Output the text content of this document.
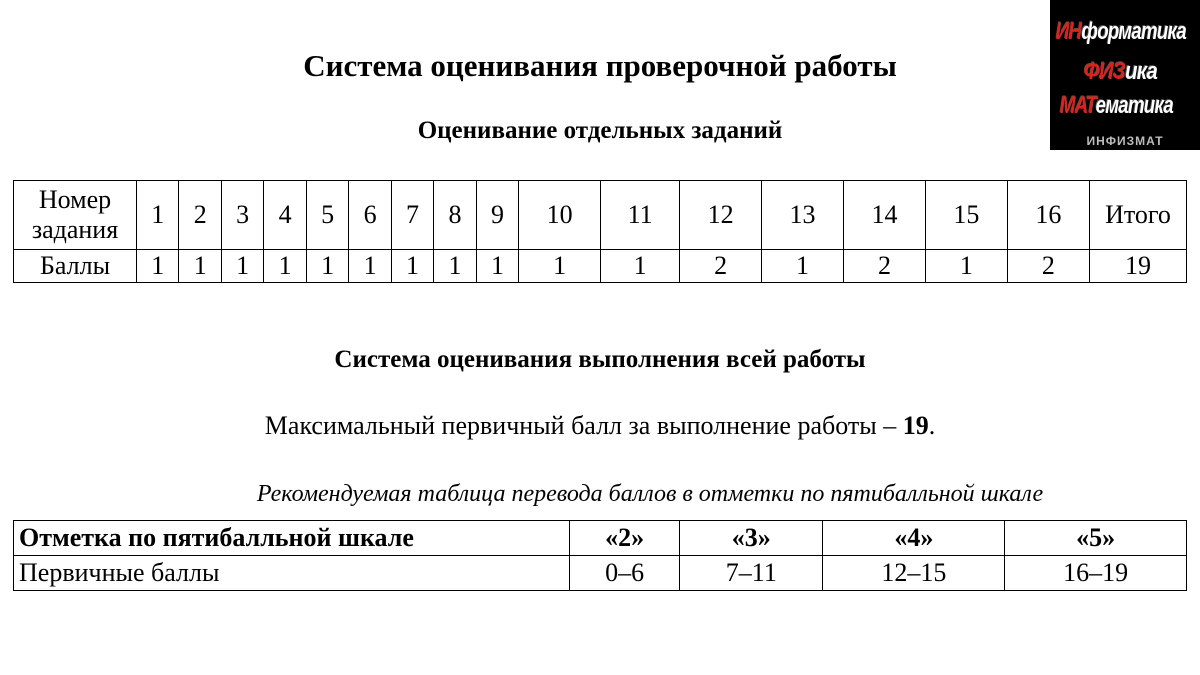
Система оценивания проверочной работы
Оценивание отдельных заданий
Номер задания	1	2	3	4	5	6	7	8	9	10	11	12	13	14	15	16	Итого
Баллы	1	1	1	1	1	1	1	1	1	1	1	2	1	2	1	2	19
Система оценивания выполнения всей работы
Максимальный первичный балл за выполнение работы – 19.
Рекомендуемая таблица перевода баллов в отметки по пятибалльной шкале
Отметка по пятибалльной шкале	«2»	«3»	«4»	«5»
Первичные баллы	0–6	7–11	12–15	16–19
ИНформатика
ФИЗика
МАТематика
ИНФИЗМАТ
